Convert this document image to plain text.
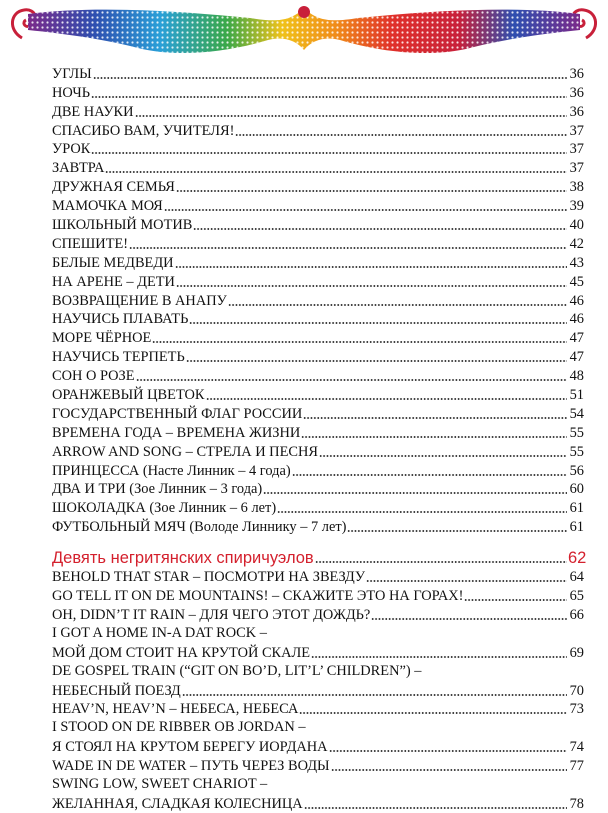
УГЛЫ	36
НОЧЬ	36
ДВЕ НАУКИ	36
СПАСИБО ВАМ, УЧИТЕЛЯ!	37
УРОК	37
ЗАВТРА	37
ДРУЖНАЯ СЕМЬЯ	38
МАМОЧКА МОЯ	39
ШКОЛЬНЫЙ МОТИВ	40
СПЕШИТЕ!	42
БЕЛЫЕ МЕДВЕДИ	43
НА АРЕНЕ – ДЕТИ	45
ВОЗВРАЩЕНИЕ В АНАПУ	46
НАУЧИСЬ ПЛАВАТЬ	46
МОРЕ ЧЁРНОЕ	47
НАУЧИСЬ ТЕРПЕТЬ	47
СОН О РОЗЕ	48
ОРАНЖЕВЫЙ ЦВЕТОК	51
ГОСУДАРСТВЕННЫЙ ФЛАГ РОССИИ	54
ВРЕМЕНА ГОДА – ВРЕМЕНА ЖИЗНИ	55
ARROW AND SONG – СТРЕЛА И ПЕСНЯ	55
ПРИНЦЕССА (Насте Линник – 4 года)	56
ДВА И ТРИ (Зое Линник – 3 года)	60
ШОКОЛАДКА (Зое Линник – 6 лет)	61
ФУТБОЛЬНЫЙ МЯЧ (Володе Линнику – 7 лет)	61
Девять негритянских спиричуэлов	62
BEHOLD THAT STAR – ПОСМОТРИ НА ЗВЕЗДУ	64
GO TELL IT ON DE MOUNTAINS! – СКАЖИТЕ ЭТО НА ГОРАХ!	65
OH, DIDN’T IT RAIN – ДЛЯ ЧЕГО ЭТОТ ДОЖДЬ?	66
I GOT A HOME IN-A DAT ROCK –
МОЙ ДОМ СТОИТ НА КРУТОЙ СКАЛЕ	69
DE GOSPEL TRAIN (“GIT ON BO’D, LIT’L’ CHILDREN”) –
НЕБЕСНЫЙ ПОЕЗД	70
HEAV’N, HEAV’N – НЕБЕСА, НЕБЕСА	73
I STOOD ON DE RIBBER OB JORDAN –
Я СТОЯЛ НА КРУТОМ БЕРЕГУ ИОРДАНА	74
WADE IN DE WATER – ПУТЬ ЧЕРЕЗ ВОДЫ	77
SWING LOW, SWEET CHARIOT –
ЖЕЛАННАЯ, СЛАДКАЯ КОЛЕСНИЦА	78
